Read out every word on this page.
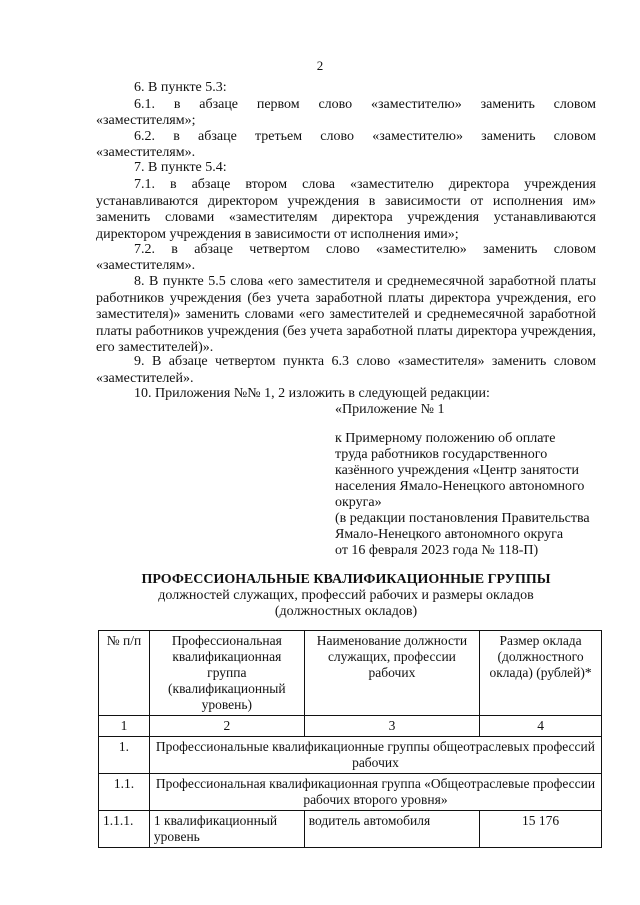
2
6. В пункте 5.3:
6.1. в абзаце первом слово «заместителю» заменить словом
«заместителям»;
6.2. в абзаце третьем слово «заместителю» заменить словом
«заместителям».
7. В пункте 5.4:
7.1. в абзаце втором слова «заместителю директора учреждения устанавливаются директором учреждения в зависимости от исполнения им» заменить словами «заместителям директора учреждения устанавливаются директором учреждения в зависимости от исполнения ими»;
7.2. в абзаце четвертом слово «заместителю» заменить словом
«заместителям».
8. В пункте 5.5 слова «его заместителя и среднемесячной заработной платы работников учреждения (без учета заработной платы директора учреждения, его заместителя)» заменить словами «его заместителей и среднемесячной заработной платы работников учреждения (без учета заработной платы директора учреждения, его заместителей)».
9. В абзаце четвертом пункта 6.3 слово «заместителя» заменить словом «заместителей».
10. Приложения №№ 1, 2 изложить в следующей редакции:
«Приложение № 1
к Примерному положению об оплате
труда работников государственного
казённого учреждения «Центр занятости
населения Ямало-Ненецкого автономного
округа»
(в редакции постановления Правительства
Ямало-Ненецкого автономного округа
от 16 февраля 2023 года № 118-П)
ПРОФЕССИОНАЛЬНЫЕ КВАЛИФИКАЦИОННЫЕ ГРУППЫ
должностей служащих, профессий рабочих и размеры окладов
(должностных окладов)
№ п/п	Профессиональная квалификационная группа (квалификационный уровень)	Наименование должности служащих, профессии рабочих	Размер оклада (должностного оклада) (рублей)*
1	2	3	4
1.	Профессиональные квалификационные группы общеотраслевых профессий рабочих		
1.1.	Профессиональная квалификационная группа «Общеотраслевые профессии рабочих второго уровня»		
1.1.1.	1 квалификационный уровень	водитель автомобиля	15 176
